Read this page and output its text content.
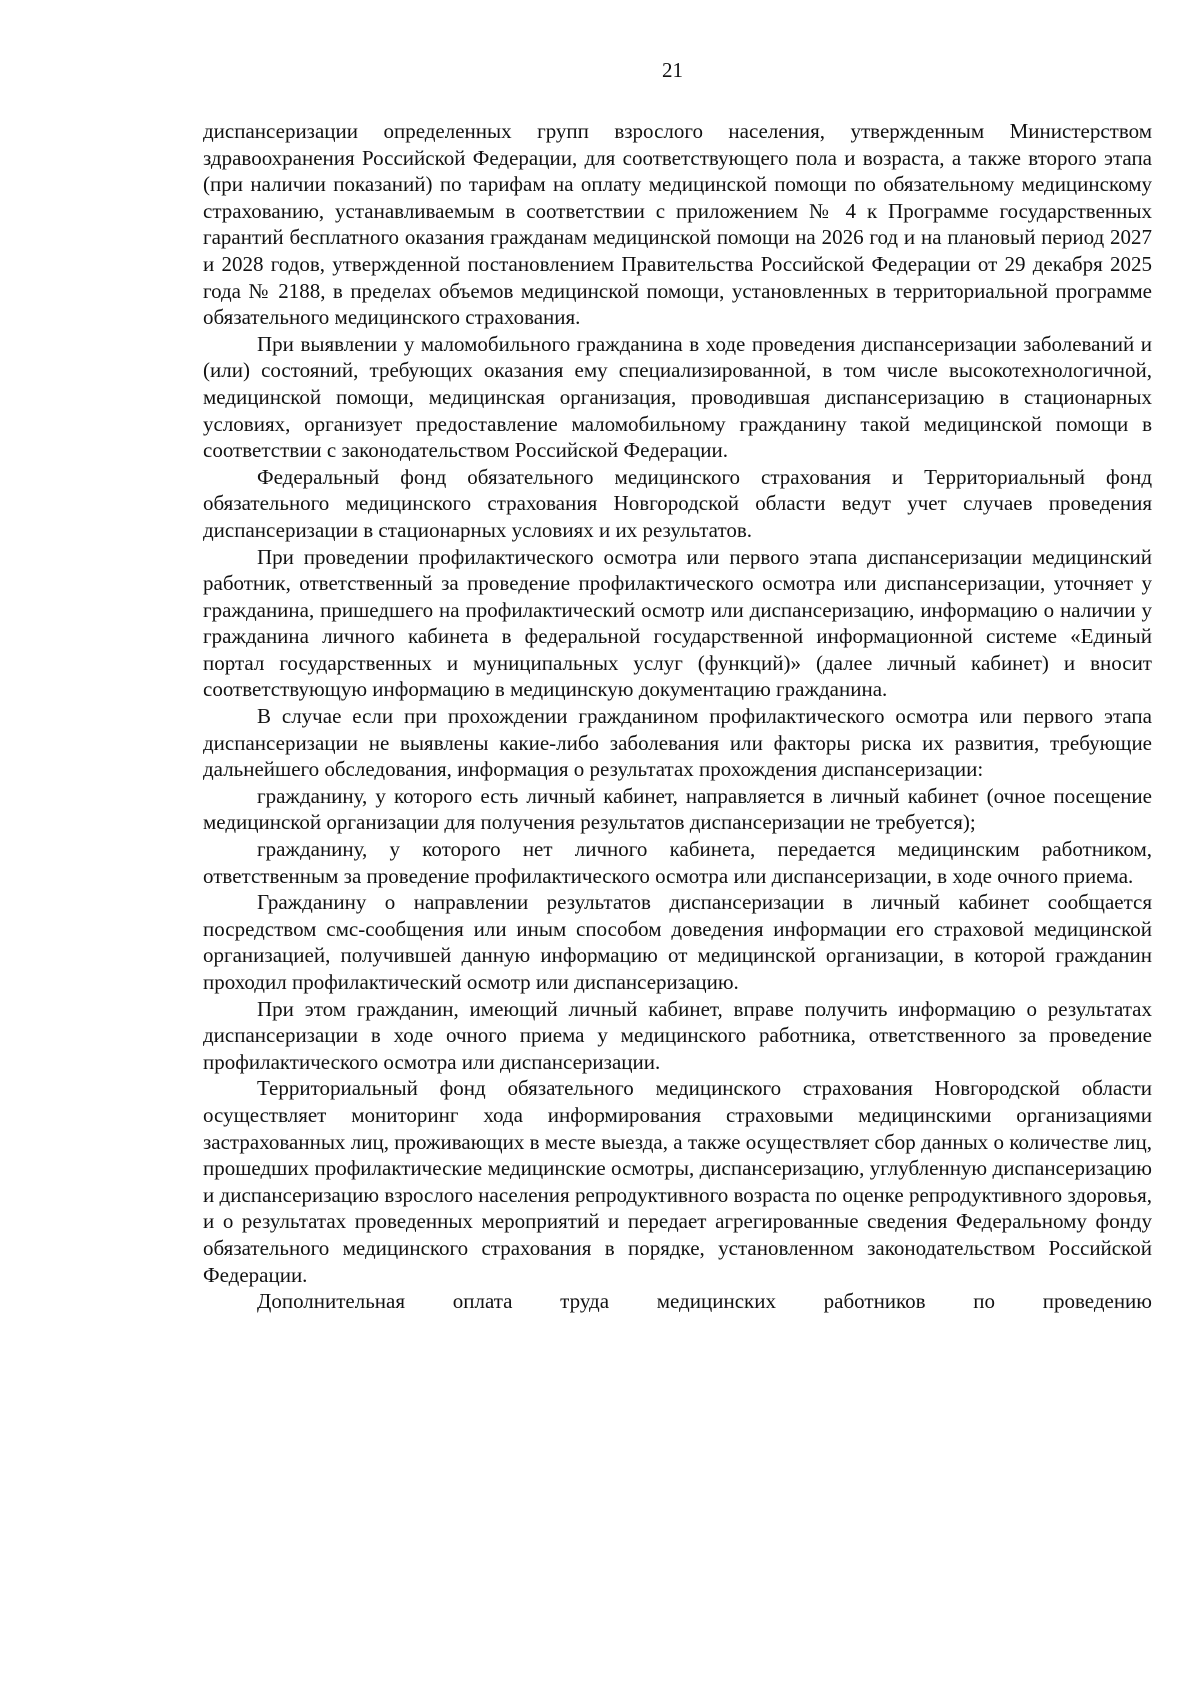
21

диспансеризации определенных групп взрослого населения, утвержденным Министерством здравоохранения Российской Федерации, для соответствующего пола и возраста, а также второго этапа (при наличии показаний) по тарифам на оплату медицинской помощи по обязательному медицинскому страхованию, устанавливаемым в соответствии с приложением № 4 к Программе государственных гарантий бесплатного оказания гражданам медицинской помощи на 2026 год и на плановый период 2027 и 2028 годов, утвержденной постановлением Правительства Российской Федерации от 29 декабря 2025 года № 2188, в пределах объемов медицинской помощи, установленных в территориальной программе обязательного медицинского страхования.

При выявлении у маломобильного гражданина в ходе проведения диспансеризации заболеваний и (или) состояний, требующих оказания ему специализированной, в том числе высокотехнологичной, медицинской помощи, медицинская организация, проводившая диспансеризацию в стационарных условиях, организует предоставление маломобильному гражданину такой медицинской помощи в соответствии с законодательством Российской Федерации.

Федеральный фонд обязательного медицинского страхования и Территориальный фонд обязательного медицинского страхования Новгородской области ведут учет случаев проведения диспансеризации в стационарных условиях и их результатов.

При проведении профилактического осмотра или первого этапа диспансеризации медицинский работник, ответственный за проведение профилактического осмотра или диспансеризации, уточняет у гражданина, пришедшего на профилактический осмотр или диспансеризацию, информацию о наличии у гражданина личного кабинета в федеральной государственной информационной системе «Единый портал государственных и муниципальных услуг (функций)» (далее личный кабинет) и вносит соответствующую информацию в медицинскую документацию гражданина.

В случае если при прохождении гражданином профилактического осмотра или первого этапа диспансеризации не выявлены какие-либо заболевания или факторы риска их развития, требующие дальнейшего обследования, информация о результатах прохождения диспансеризации:

гражданину, у которого есть личный кабинет, направляется в личный кабинет (очное посещение медицинской организации для получения результатов диспансеризации не требуется);

гражданину, у которого нет личного кабинета, передается медицинским работником, ответственным за проведение профилактического осмотра или диспансеризации, в ходе очного приема.

Гражданину о направлении результатов диспансеризации в личный кабинет сообщается посредством смс-сообщения или иным способом доведения информации его страховой медицинской организацией, получившей данную информацию от медицинской организации, в которой гражданин проходил профилактический осмотр или диспансеризацию.

При этом гражданин, имеющий личный кабинет, вправе получить информацию о результатах диспансеризации в ходе очного приема у медицинского работника, ответственного за проведение профилактического осмотра или диспансеризации.

Территориальный фонд обязательного медицинского страхования Новгородской области осуществляет мониторинг хода информирования страховыми медицинскими организациями застрахованных лиц, проживающих в месте выезда, а также осуществляет сбор данных о количестве лиц, прошедших профилактические медицинские осмотры, диспансеризацию, углубленную диспансеризацию и диспансеризацию взрослого населения репродуктивного возраста по оценке репродуктивного здоровья, и о результатах проведенных мероприятий и передает агрегированные сведения Федеральному фонду обязательного медицинского страхования в порядке, установленном законодательством Российской Федерации.

Дополнительная оплата труда медицинских работников по проведению
